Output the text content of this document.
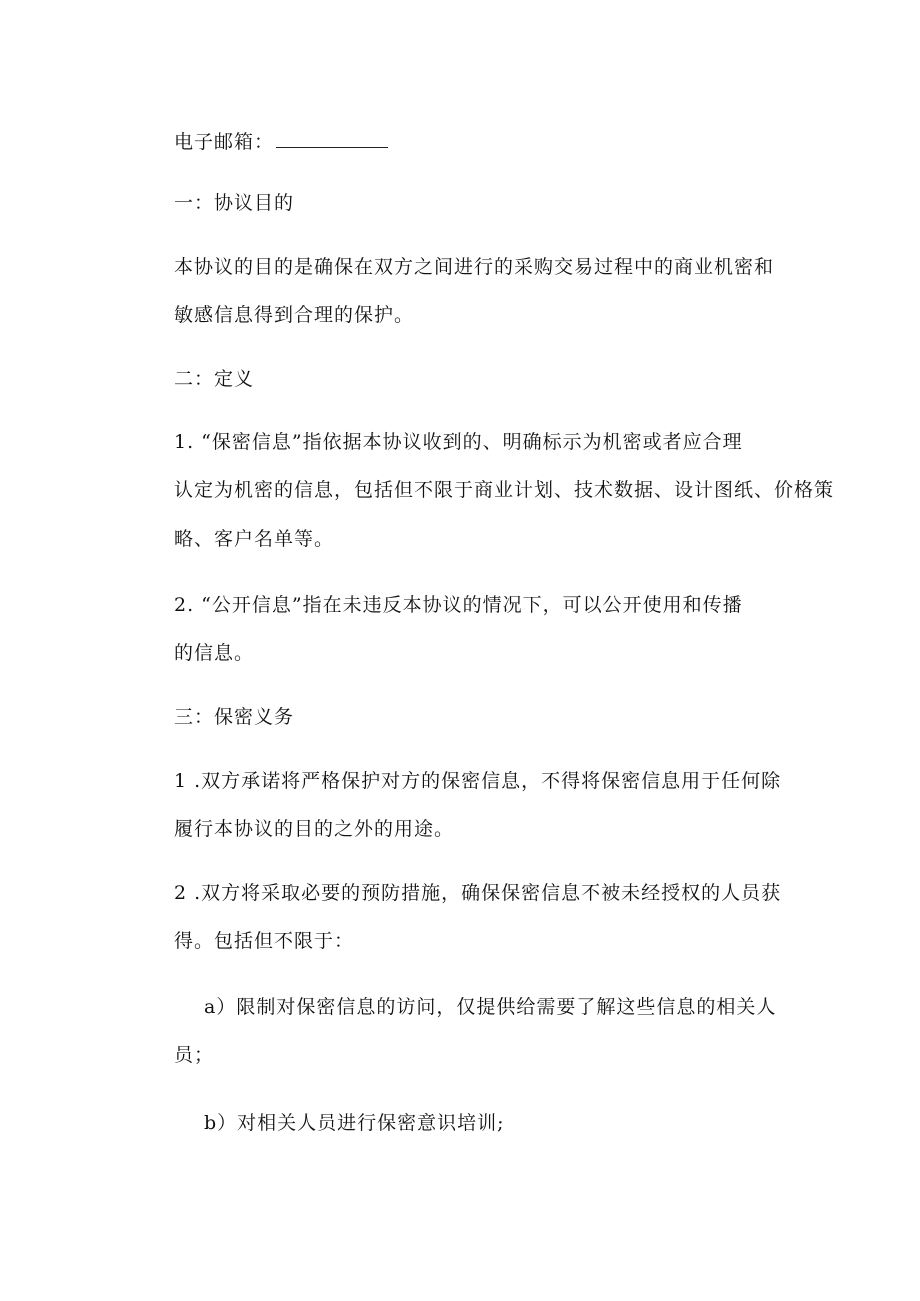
电子邮箱：
一：协议目的
本协议的目的是确保在双方之间进行的采购交易过程中的商业机密和
敏感信息得到合理的保护。
二：定义
1. “保密信息”指依据本协议收到的、明确标示为机密或者应合理
认定为机密的信息，包括但不限于商业计划、技术数据、设计图纸、价格策
略、客户名单等。
2. “公开信息”指在未违反本协议的情况下，可以公开使用和传播
的信息。
三：保密义务
1 .双方承诺将严格保护对方的保密信息，不得将保密信息用于任何除
履行本协议的目的之外的用途。
2 .双方将采取必要的预防措施，确保保密信息不被未经授权的人员获
得。包括但不限于：
a）限制对保密信息的访问，仅提供给需要了解这些信息的相关人
员；
b）对相关人员进行保密意识培训;
